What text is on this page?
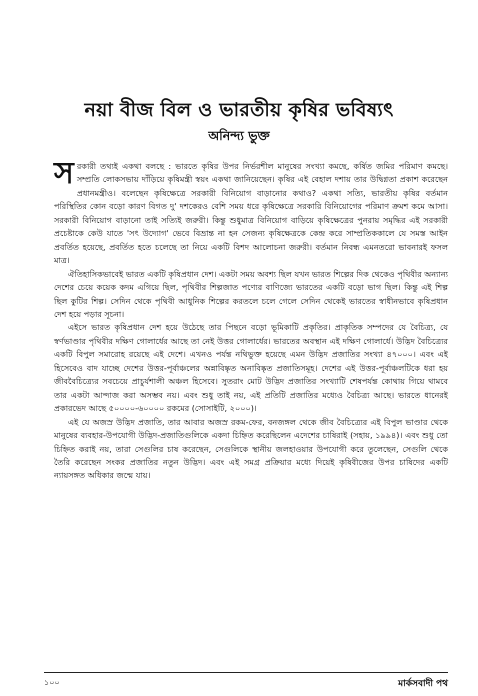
নয়া বীজ বিল ও ভারতীয় কৃষির ভবিষ্যৎ
অনিন্দ্য ভুক্ত

সরকারী তথ্যই একথা বলছে : ভারতে কৃষির উপর নির্ভরশীল মানুষের সংখ্যা কমছে, কর্ষিত জমির পরিমাণ কমছে। সম্প্রতি লোকসভায় দাঁড়িয়ে কৃষিমন্ত্রী স্বয়ং একথা জানিয়েছেন। কৃষির এই বেহাল দশায় তার উদ্বিগ্নতা প্রকাশ করেছেন প্রধানমন্ত্রীও। বলেছেন কৃষিক্ষেত্রে সরকারী বিনিয়োগ বাড়ানোর কথাও? একথা সত্যি, ভারতীয় কৃষির বর্তমান পরিস্থিতির কোন বড়ো কারণ বিগত দু' দশকেরও বেশি সময় ধরে কৃষিক্ষেত্রে সরকারি বিনিয়োগের পরিমাণ ক্রমশ কমে আসা। সরকারী বিনিয়োগ বাড়ানো তাই সত্যিই জরুরী। কিন্তু শুধুমাত্র বিনিয়োগ বাড়িয়ে কৃষিক্ষেত্রের পুনরায় সমৃদ্ধির এই সরকারী প্রচেষ্টাকে কেউ যাতে 'সৎ উদ্যোগ' ভেবে বিভ্রান্ত না হন সেজন্য কৃষিক্ষেত্রকে কেন্দ্র করে সাম্প্রতিককালে যে সমস্ত আইন প্রবর্তিত হয়েছে, প্রবর্তিত হতে চলেছে তা নিয়ে একটি বিশদ আলোচনা জরুরী। বর্তমান নিবন্ধ এমনতরো ভাবনারই ফসল মাত্র।

ঐতিহাসিকভাবেই ভারত একটি কৃষিপ্রধান দেশ। একটা সময় অবশ্য ছিল যখন ভারত শিল্পের দিক থেকেও পৃথিবীর অন্যান্য দেশের চেয়ে কয়েক কদম এগিয়ে ছিল, পৃথিবীর শিল্পজাত পণ্যের বাণিজ্যে ভারতের একটি বড়ো ভাগ ছিল। কিন্তু এই শিল্প ছিল কুটির শিল্প। সেদিন থেকে পৃথিবী আধুনিক শিল্পের করতলে চলে গেলে সেদিন থেকেই ভারতের স্বাধীনভাবে কৃষিপ্রধান দেশ হয়ে পড়ার সূচনা।

এইসে ভারত কৃষিপ্রধান দেশ হয়ে উঠেছে তার পিছনে বড়ো ভূমিকাটি প্রকৃতির। প্রাকৃতিক সম্পদের যে বৈচিত্র্য, যে স্বর্ণভাণ্ডার পৃথিবীর দক্ষিণ গোলার্ধের আছে তা নেই উত্তর গোলার্ধের। ভারতের অবস্থান এই দক্ষিণ গোলার্ধে। উদ্ভিদ বৈচিত্র্যের একটি বিপুল সমারোহ রয়েছে এই দেশে। এখনও পর্যন্ত নথিভুক্ত হয়েছে এমন উদ্ভিদ প্রজাতির সংখ্যা ৪৭০০০। এবং এই হিসেবেও বাদ যাচ্ছে দেশের উত্তর-পূর্বাঞ্চলের অন্নাবিষ্কৃত অনাবিষ্কৃত প্রজাতিসমূহ। দেশের এই উত্তর-পূর্বাঞ্চলটিকে ধরা হয় জীববৈচিত্র্যের সবচেয়ে প্রাচুর্যশালী অঞ্চল হিসেবে। সুতরাং মোট উদ্ভিদ প্রজাতির সংখ্যাটি শেষপর্যন্ত কোথায় গিয়ে থামবে তার একটা আন্দাজ করা অসম্ভব নয়। এবং শুধু তাই নয়, এই প্রতিটি প্রজাতির মধ্যেও বৈচিত্র্য আছে। ভারতে ধানেরই প্রকারভেদ আছে ৫০০০০-৬০০০০ রকমের (সোসাইটি, ২০০০)।

এই যে অজস্র উদ্ভিদ প্রজাতি, তার আবার অজস্র রকম-ফের, বনজঙ্গল থেকে জীব বৈচিত্র্যের এই বিপুল ভাণ্ডার থেকে মানুষের ব্যবহার-উপযোগী উদ্ভিদ-প্রজাতিগুলিকে একদা চিহ্নিত করেছিলেন এদেশের চাষিরাই (সহায়, ১৯৯৪)। এবং শুধু তো চিহ্নিত করাই নয়, তারা সেগুলির চাষ করেছেন, সেগুলিকে স্থানীয় জলহাওয়ার উপযোগী করে তুলেছেন, সেগুলি থেকে তৈরি করেছেন সংকর প্রজাতির নতুন উদ্ভিদ। এবং এই সমগ্র প্রক্রিয়ার মধ্যে দিয়েই কৃষিবীজের উপর চাষিদের একটি ন্যায়সঙ্গত অধিকার জন্মে যায়।

১০০	মার্কসবাদী পথ
